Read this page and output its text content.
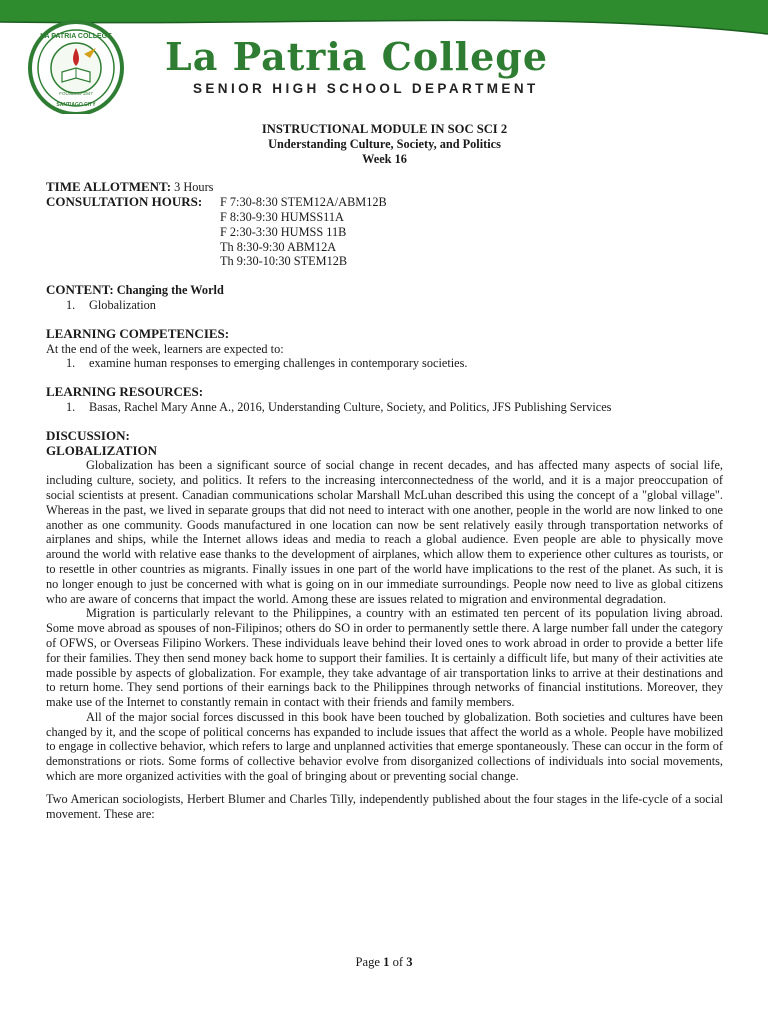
LA PATRIA COLLEGE
FOUNDED 1947
SANTIAGO CITY
La Patria College
SENIOR HIGH SCHOOL DEPARTMENT

INSTRUCTIONAL MODULE IN SOC SCI 2

Understanding Culture, Society, and Politics

Week 16

TIME ALLOTMENT: 3 Hours

CONSULTATION HOURS:	F 7:30-8:30 STEM12A/ABM12B
F 8:30-9:30 HUMSS11A
F 2:30-3:30 HUMSS 11B
Th 8:30-9:30 ABM12A
Th 9:30-10:30 STEM12B

CONTENT: Changing the World

1.	Globalization

LEARNING COMPETENCIES:

At the end of the week, learners are expected to:

1.	examine human responses to emerging challenges in contemporary societies.

LEARNING RESOURCES:

1.	Basas, Rachel Mary Anne A., 2016, Understanding Culture, Society, and Politics, JFS Publishing Services

DISCUSSION:

GLOBALIZATION

Globalization has been a significant source of social change in recent decades, and has affected many aspects of social life, including culture, society, and politics. It refers to the increasing interconnectedness of the world, and it is a major preoccupation of social scientists at present. Canadian communications scholar Marshall McLuhan described this using the concept of a "global village". Whereas in the past, we lived in separate groups that did not need to interact with one another, people in the world are now linked to one another as one community. Goods manufactured in one location can now be sent relatively easily through transportation networks of airplanes and ships, while the Internet allows ideas and media to reach a global audience. Even people are able to physically move around the world with relative ease thanks to the development of airplanes, which allow them to experience other cultures as tourists, or to resettle in other countries as migrants. Finally issues in one part of the world have implications to the rest of the planet. As such, it is no longer enough to just be concerned with what is going on in our immediate surroundings. People now need to live as global citizens who are aware of concerns that impact the world. Among these are issues related to migration and environmental degradation.

Migration is particularly relevant to the Philippines, a country with an estimated ten percent of its population living abroad. Some move abroad as spouses of non-Filipinos; others do SO in order to permanently settle there. A large number fall under the category of OFWS, or Overseas Filipino Workers. These individuals leave behind their loved ones to work abroad in order to provide a better life for their families. They then send money back home to support their families. It is certainly a difficult life, but many of their activities ate made possible by aspects of globalization. For example, they take advantage of air transportation links to arrive at their destinations and to return home. They send portions of their earnings back to the Philippines through networks of financial institutions. Moreover, they make use of the Internet to constantly remain in contact with their friends and family members.

All of the major social forces discussed in this book have been touched by globalization. Both societies and cultures have been changed by it, and the scope of political concerns has expanded to include issues that affect the world as a whole. People have mobilized to engage in collective behavior, which refers to large and unplanned activities that emerge spontaneously. These can occur in the form of demonstrations or riots. Some forms of collective behavior evolve from disorganized collections of individuals into social movements, which are more organized activities with the goal of bringing about or preventing social change.

Two American sociologists, Herbert Blumer and Charles Tilly, independently published about the four stages in the life-cycle of a social movement. These are:

Page 1 of 3
